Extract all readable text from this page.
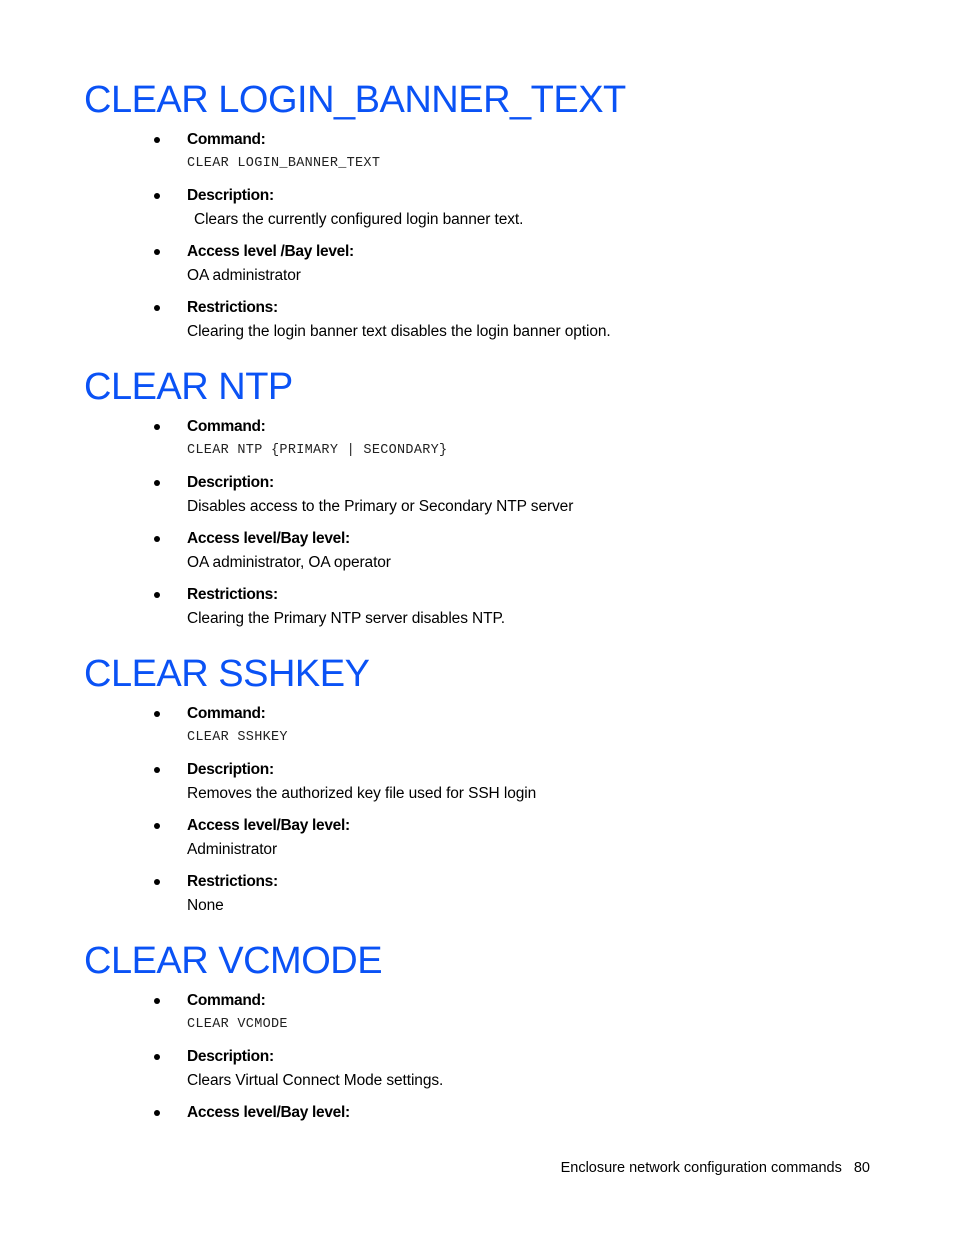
CLEAR LOGIN_BANNER_TEXT
Command:
CLEAR LOGIN_BANNER_TEXT
Description:
Clears the currently configured login banner text.
Access level /Bay level:
OA administrator
Restrictions:
Clearing the login banner text disables the login banner option.
CLEAR NTP
Command:
CLEAR NTP {PRIMARY | SECONDARY}
Description:
Disables access to the Primary or Secondary NTP server
Access level/Bay level:
OA administrator, OA operator
Restrictions:
Clearing the Primary NTP server disables NTP.
CLEAR SSHKEY
Command:
CLEAR SSHKEY
Description:
Removes the authorized key file used for SSH login
Access level/Bay level:
Administrator
Restrictions:
None
CLEAR VCMODE
Command:
CLEAR VCMODE
Description:
Clears Virtual Connect Mode settings.
Access level/Bay level:
Enclosure network configuration commands 80
